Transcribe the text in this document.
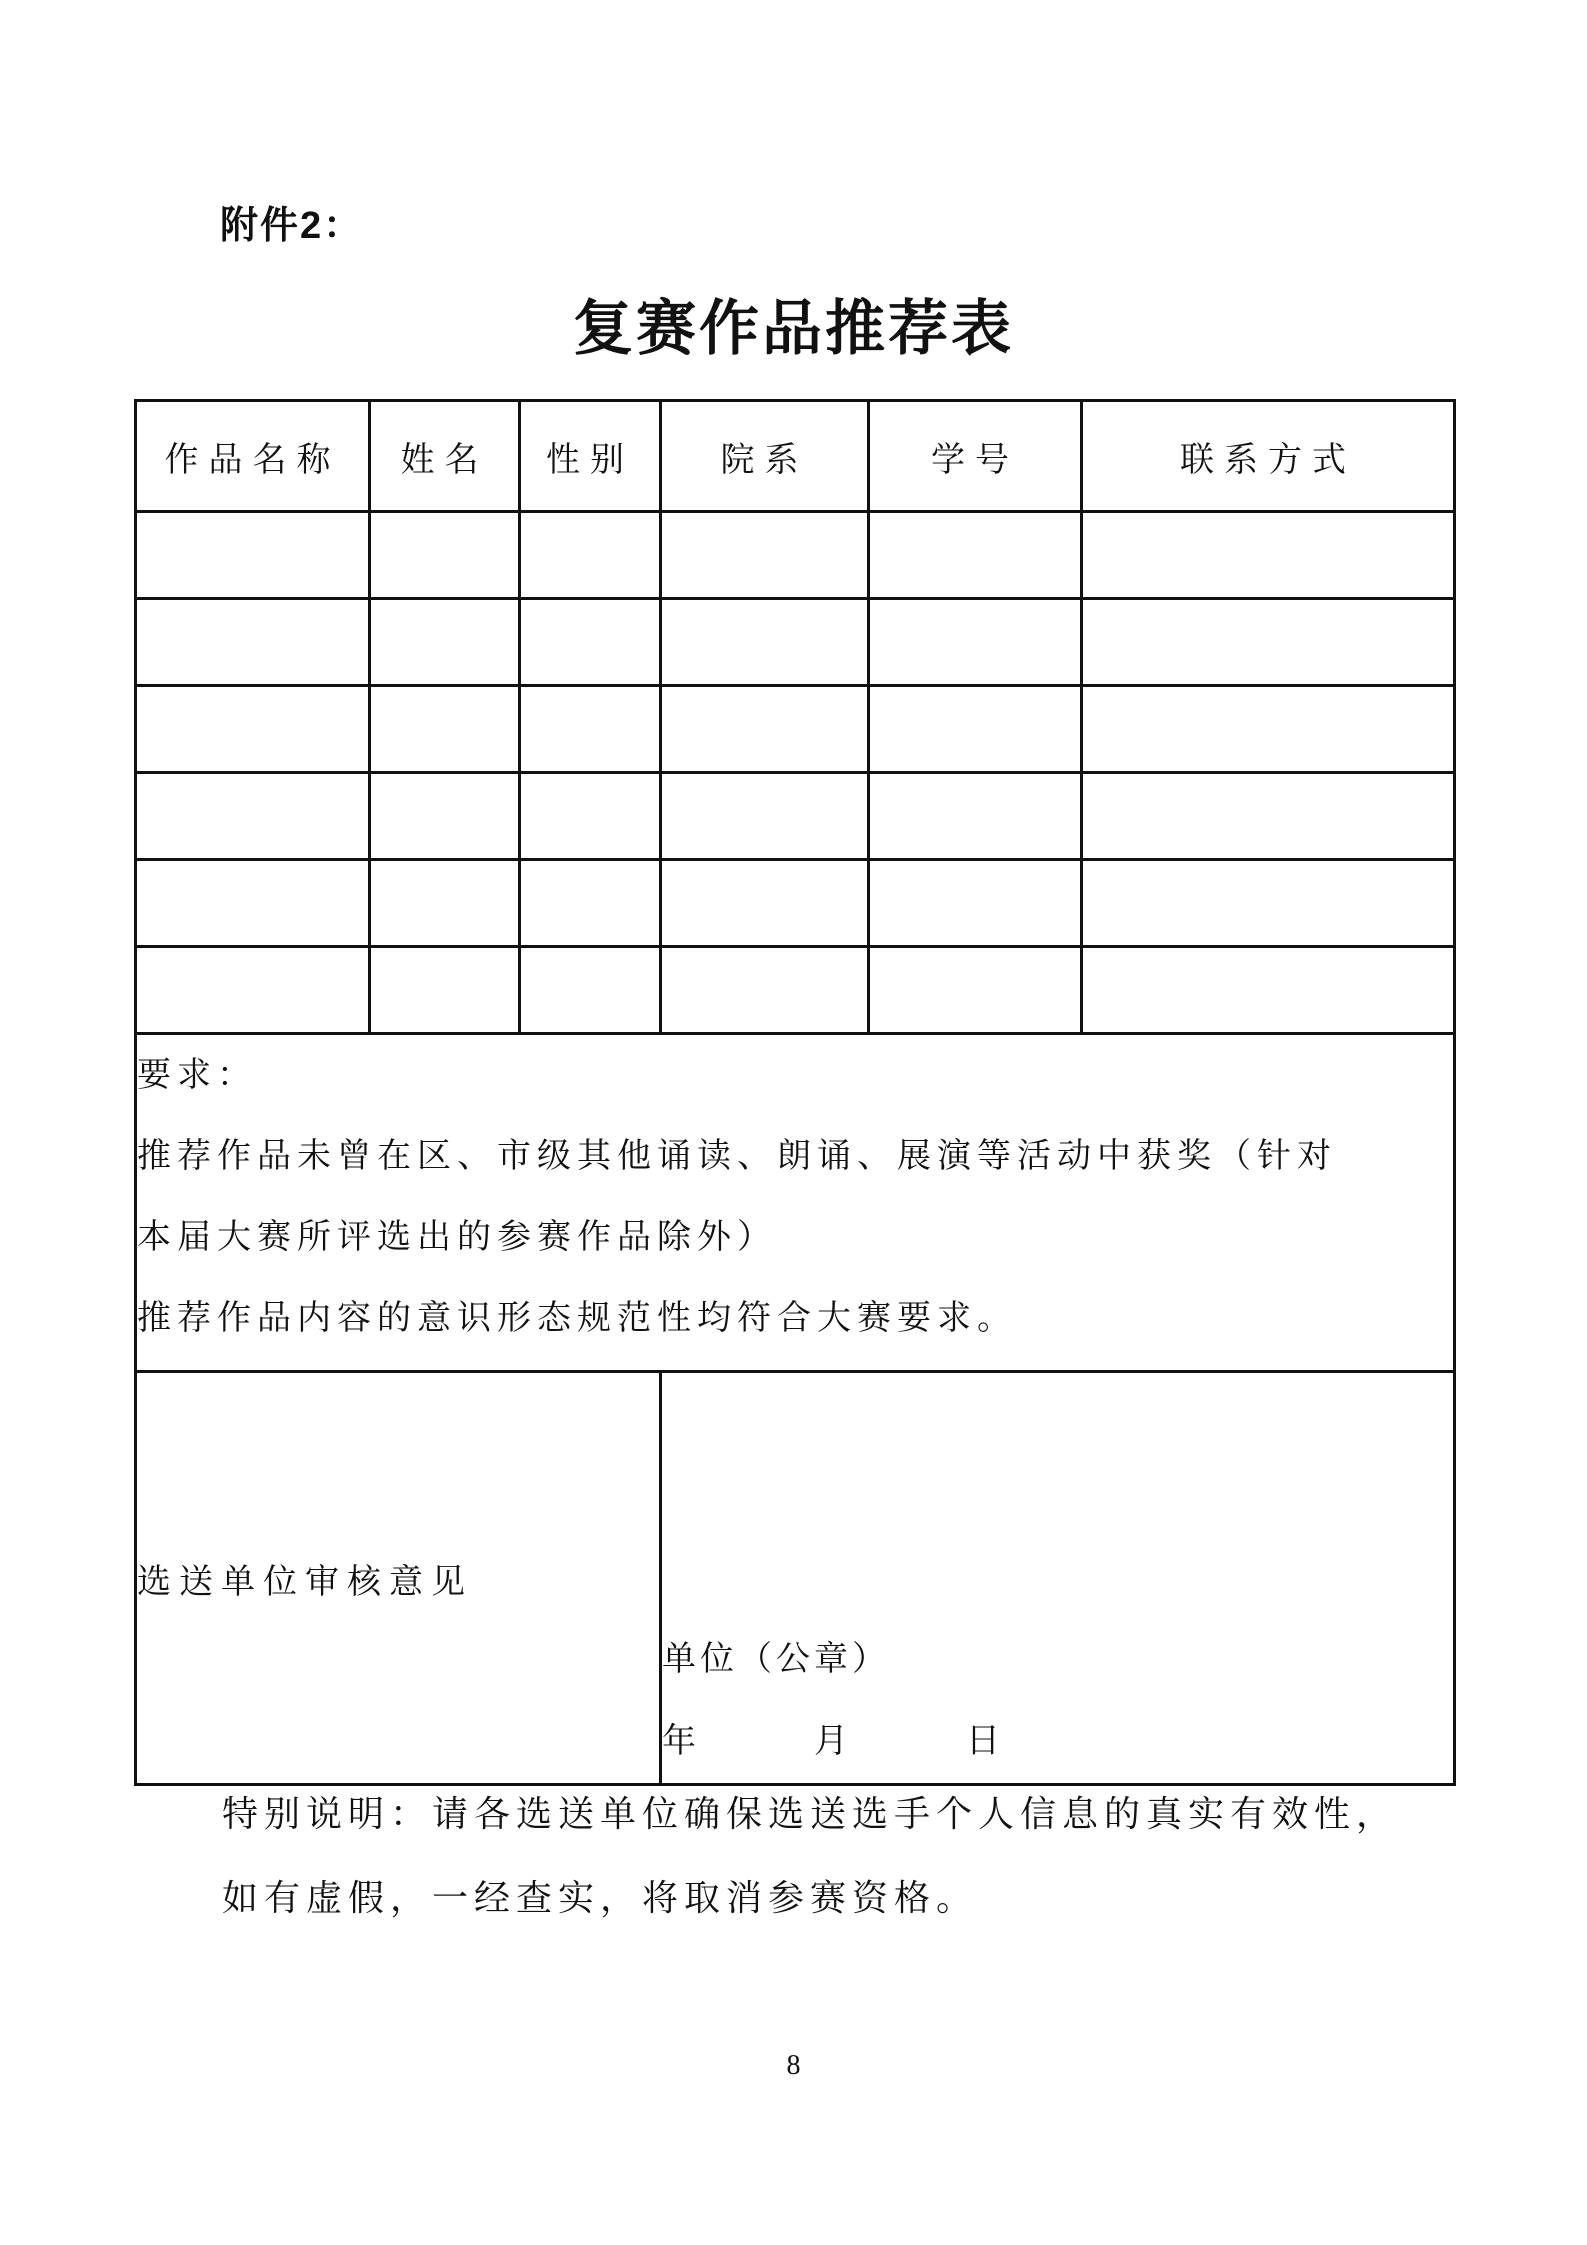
附件2：
复赛作品推荐表
作品名称	姓名	性别	院系	学号	联系方式

要求：
推荐作品未曾在区、市级其他诵读、朗诵、展演等活动中获奖（针对
本届大赛所评选出的参赛作品除外）
推荐作品内容的意识形态规范性均符合大赛要求。					

选送单位审核意见			单位（公章）
年　　　月　　　日		
特别说明：请各选送单位确保选送选手个人信息的真实有效性，
如有虚假，一经查实，将取消参赛资格。
8
